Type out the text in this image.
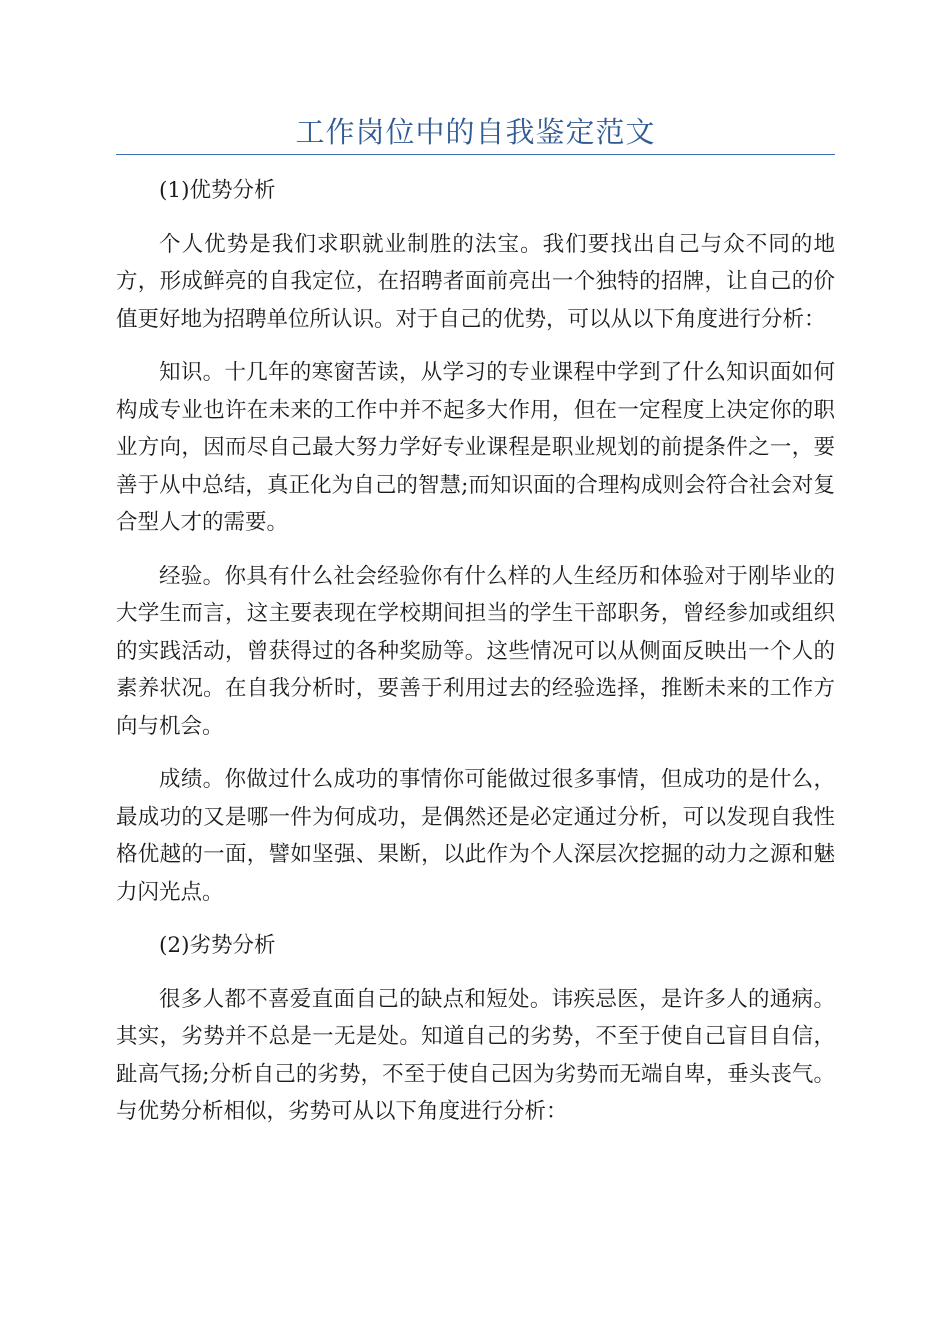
工作岗位中的自我鉴定范文

(1)优势分析

个人优势是我们求职就业制胜的法宝。我们要找出自己与众不同的地方，形成鲜亮的自我定位，在招聘者面前亮出一个独特的招牌，让自己的价值更好地为招聘单位所认识。对于自己的优势，可以从以下角度进行分析：

知识。十几年的寒窗苦读，从学习的专业课程中学到了什么知识面如何构成专业也许在未来的工作中并不起多大作用，但在一定程度上决定你的职业方向，因而尽自己最大努力学好专业课程是职业规划的前提条件之一，要善于从中总结，真正化为自己的智慧;而知识面的合理构成则会符合社会对复合型人才的需要。

经验。你具有什么社会经验你有什么样的人生经历和体验对于刚毕业的大学生而言，这主要表现在学校期间担当的学生干部职务，曾经参加或组织的实践活动，曾获得过的各种奖励等。这些情况可以从侧面反映出一个人的素养状况。在自我分析时，要善于利用过去的经验选择，推断未来的工作方向与机会。

成绩。你做过什么成功的事情你可能做过很多事情，但成功的是什么，最成功的又是哪一件为何成功，是偶然还是必定通过分析，可以发现自我性格优越的一面，譬如坚强、果断，以此作为个人深层次挖掘的动力之源和魅力闪光点。

(2)劣势分析

很多人都不喜爱直面自己的缺点和短处。讳疾忌医，是许多人的通病。其实，劣势并不总是一无是处。知道自己的劣势，不至于使自己盲目自信，趾高气扬;分析自己的劣势，不至于使自己因为劣势而无端自卑，垂头丧气。与优势分析相似，劣势可从以下角度进行分析：
